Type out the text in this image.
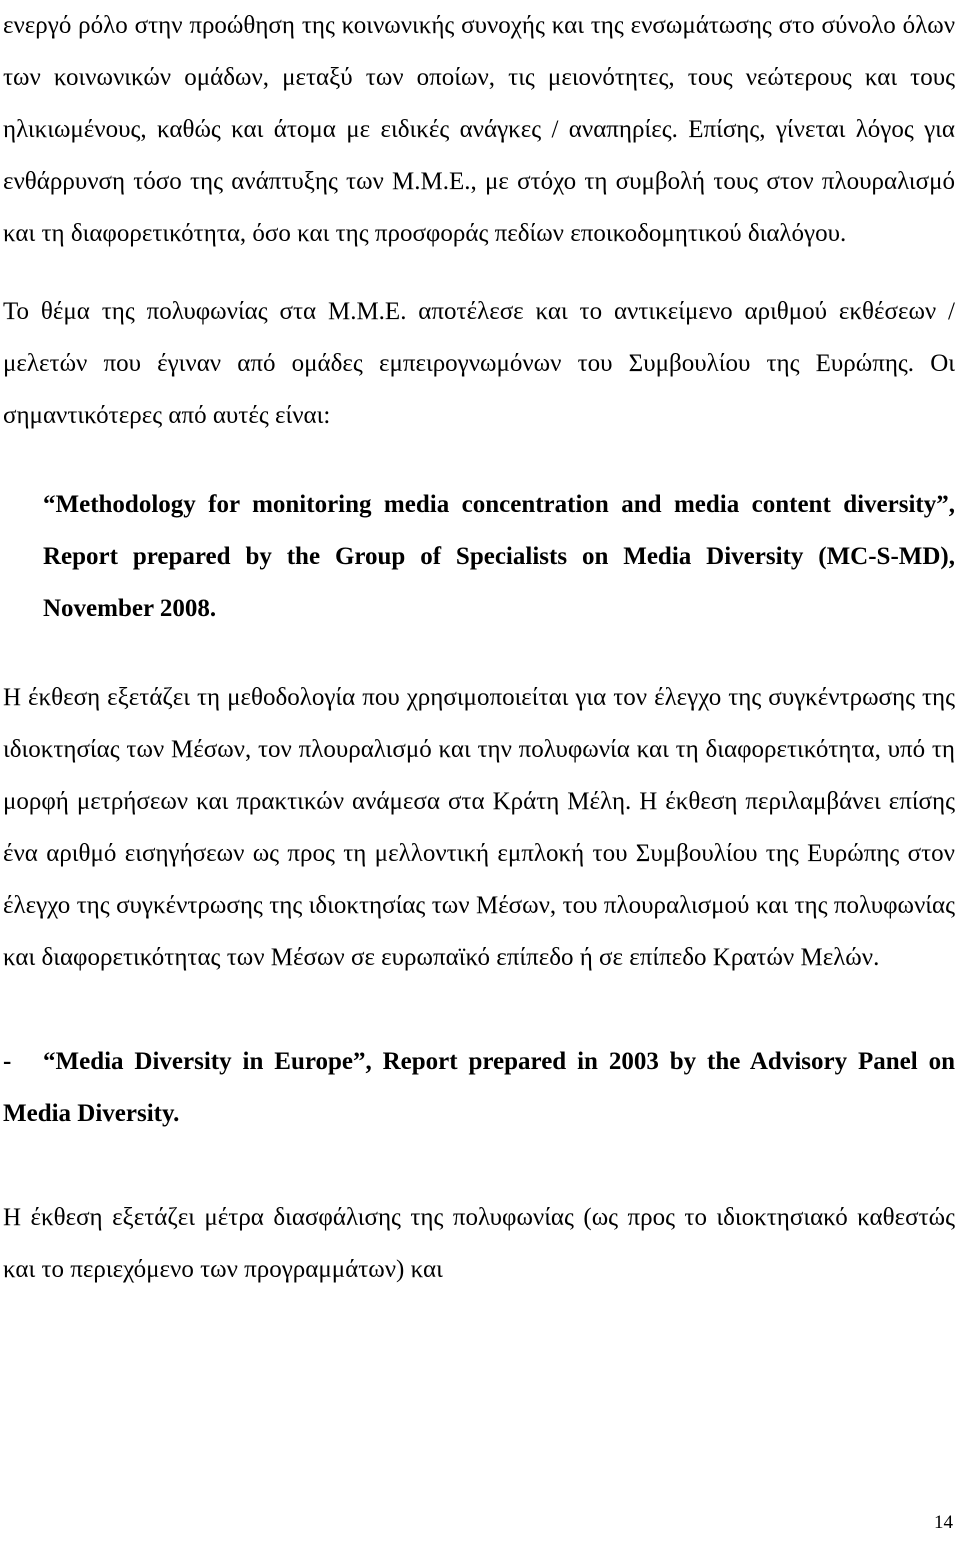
ενεργό ρόλο στην προώθηση της κοινωνικής συνοχής και της ενσωμάτωσης στο σύνολο όλων των κοινωνικών ομάδων, μεταξύ των οποίων, τις μειονότητες, τους νεώτερους και τους ηλικιωμένους, καθώς και άτομα με ειδικές ανάγκες / αναπηρίες. Επίσης, γίνεται λόγος για ενθάρρυνση τόσο της ανάπτυξης των Μ.Μ.Ε., με στόχο τη συμβολή τους στον πλουραλισμό και τη διαφορετικότητα, όσο και της προσφοράς πεδίων εποικοδομητικού διαλόγου.

Το θέμα της πολυφωνίας στα Μ.Μ.Ε. αποτέλεσε και το αντικείμενο αριθμού εκθέσεων / μελετών που έγιναν από ομάδες εμπειρογνωμόνων του Συμβουλίου της Ευρώπης. Οι σημαντικότερες από αυτές είναι:

“Methodology for monitoring media concentration and media content diversity”, Report prepared by the Group of Specialists on Media Diversity (MC-S-MD), November 2008.

Η έκθεση εξετάζει τη μεθοδολογία που χρησιμοποιείται για τον έλεγχο της συγκέντρωσης της ιδιοκτησίας των Μέσων, τον πλουραλισμό και την πολυφωνία και τη διαφορετικότητα, υπό τη μορφή μετρήσεων και πρακτικών ανάμεσα στα Κράτη Μέλη. Η έκθεση περιλαμβάνει επίσης ένα αριθμό εισηγήσεων ως προς τη μελλοντική εμπλοκή του Συμβουλίου της Ευρώπης στον έλεγχο της συγκέντρωσης της ιδιοκτησίας των Μέσων, του πλουραλισμού και της πολυφωνίας και διαφορετικότητας των Μέσων σε ευρωπαϊκό επίπεδο ή σε επίπεδο Κρατών Μελών.

- “Media Diversity in Europe”, Report prepared in 2003 by the Advisory Panel on Media Diversity.

Η έκθεση εξετάζει μέτρα διασφάλισης της πολυφωνίας (ως προς το ιδιοκτησιακό καθεστώς και το περιεχόμενο των προγραμμάτων) και

14
